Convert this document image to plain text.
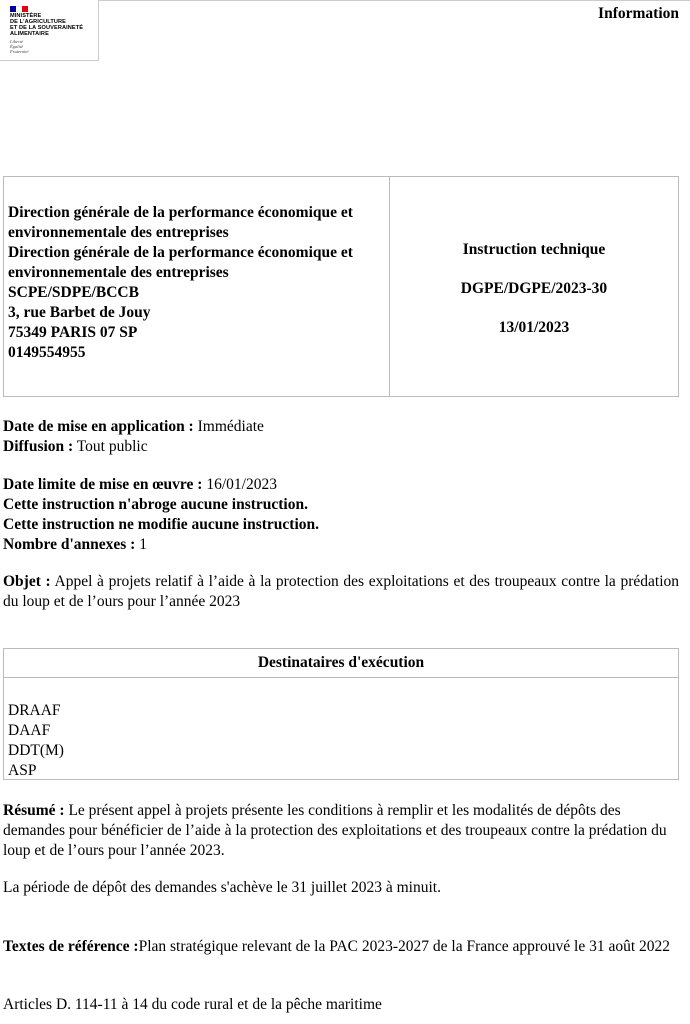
MINISTÈRE
DE L'AGRICULTURE
ET DE LA SOUVERAINETÉ
ALIMENTAIRE
Liberté
Égalité
Fraternité
Information
Direction générale de la performance économique et environnementale des entreprises
Direction générale de la performance économique et environnementale des entreprises
SCPE/SDPE/BCCB
3, rue Barbet de Jouy
75349 PARIS 07 SP
0149554955
Instruction technique
DGPE/DGPE/2023-30
13/01/2023
Date de mise en application : Immédiate
Diffusion : Tout public
Date limite de mise en œuvre : 16/01/2023
Cette instruction n'abroge aucune instruction.
Cette instruction ne modifie aucune instruction.
Nombre d'annexes : 1
Objet : Appel à projets relatif à l’aide à la protection des exploitations et des troupeaux contre la prédation du loup et de l’ours pour l’année 2023
Destinataires d'exécution
DRAAF
DAAF
DDT(M)
ASP
Résumé : Le présent appel à projets présente les conditions à remplir et les modalités de dépôts des demandes pour bénéficier de l’aide à la protection des exploitations et des troupeaux contre la prédation du loup et de l’ours pour l’année 2023.
La période de dépôt des demandes s'achève le 31 juillet 2023 à minuit.
Textes de référence :Plan stratégique relevant de la PAC 2023-2027 de la France approuvé le 31 août 2022
Articles D. 114-11 à 14 du code rural et de la pêche maritime
